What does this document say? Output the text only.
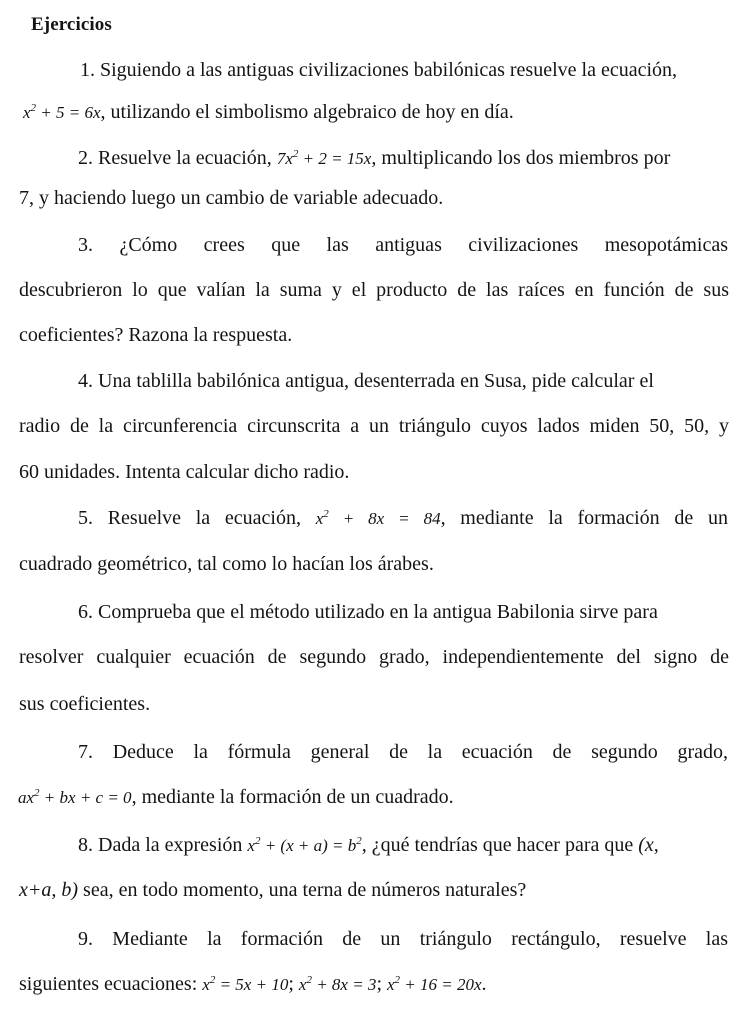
Ejercicios
1. Siguiendo a las antiguas civilizaciones babilónicas resuelve la ecuación,
$x^2 + 5 = 6x$, utilizando el simbolismo algebraico de hoy en día.
2. Resuelve la ecuación, $7x^2 + 2 = 15x$, multiplicando los dos miembros por
7, y haciendo luego un cambio de variable adecuado.
3. ¿Cómo crees que las antiguas civilizaciones mesopotámicas
descubrieron lo que valían la suma y el producto de las raíces en función de sus
coeficientes? Razona la respuesta.
4. Una tablilla babilónica antigua, desenterrada en Susa, pide calcular el
radio de la circunferencia circunscrita a un triángulo cuyos lados miden 50, 50, y
60 unidades. Intenta calcular dicho radio.
5. Resuelve la ecuación, $x^2 + 8x = 84$, mediante la formación de un
cuadrado geométrico, tal como lo hacían los árabes.
6. Comprueba que el método utilizado en la antigua Babilonia sirve para
resolver cualquier ecuación de segundo grado, independientemente del signo de
sus coeficientes.
7. Deduce la fórmula general de la ecuación de segundo grado,
$ax^2$ + bx + c = 0, mediante la formación de un cuadrado.
8. Dada la expresión $x^2 + (x + a) = b^2$, ¿qué tendrías que hacer para que (x,
x+a, b) sea, en todo momento, una terna de números naturales?
9. Mediante la formación de un triángulo rectángulo, resuelve las
siguientes ecuaciones: $x^2 = 5x + 10$; $x^2 + 8x = 3$; $x^2 + 16 = 20x$.
